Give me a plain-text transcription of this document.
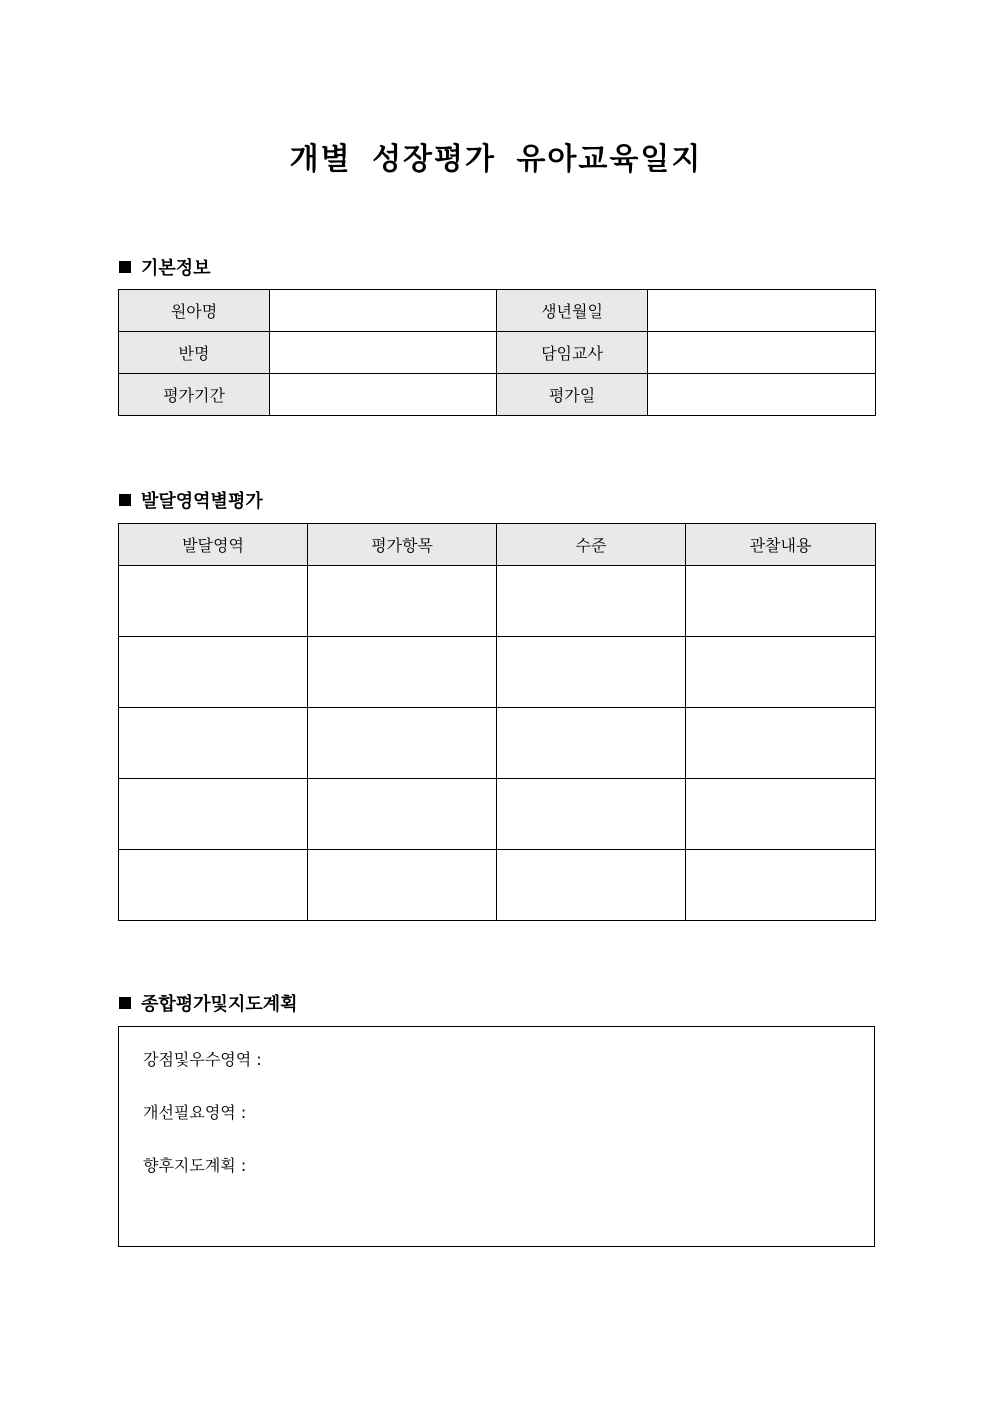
개별 성장평가 유아교육일지
기본정보
원아명		생년월일	
반명		담임교사	
평가기간		평가일	
발달영역별평가
발달영역	평가항목	수준	관찰내용

종합평가및지도계획
강점및우수영역 :
개선필요영역 :
향후지도계획 :
